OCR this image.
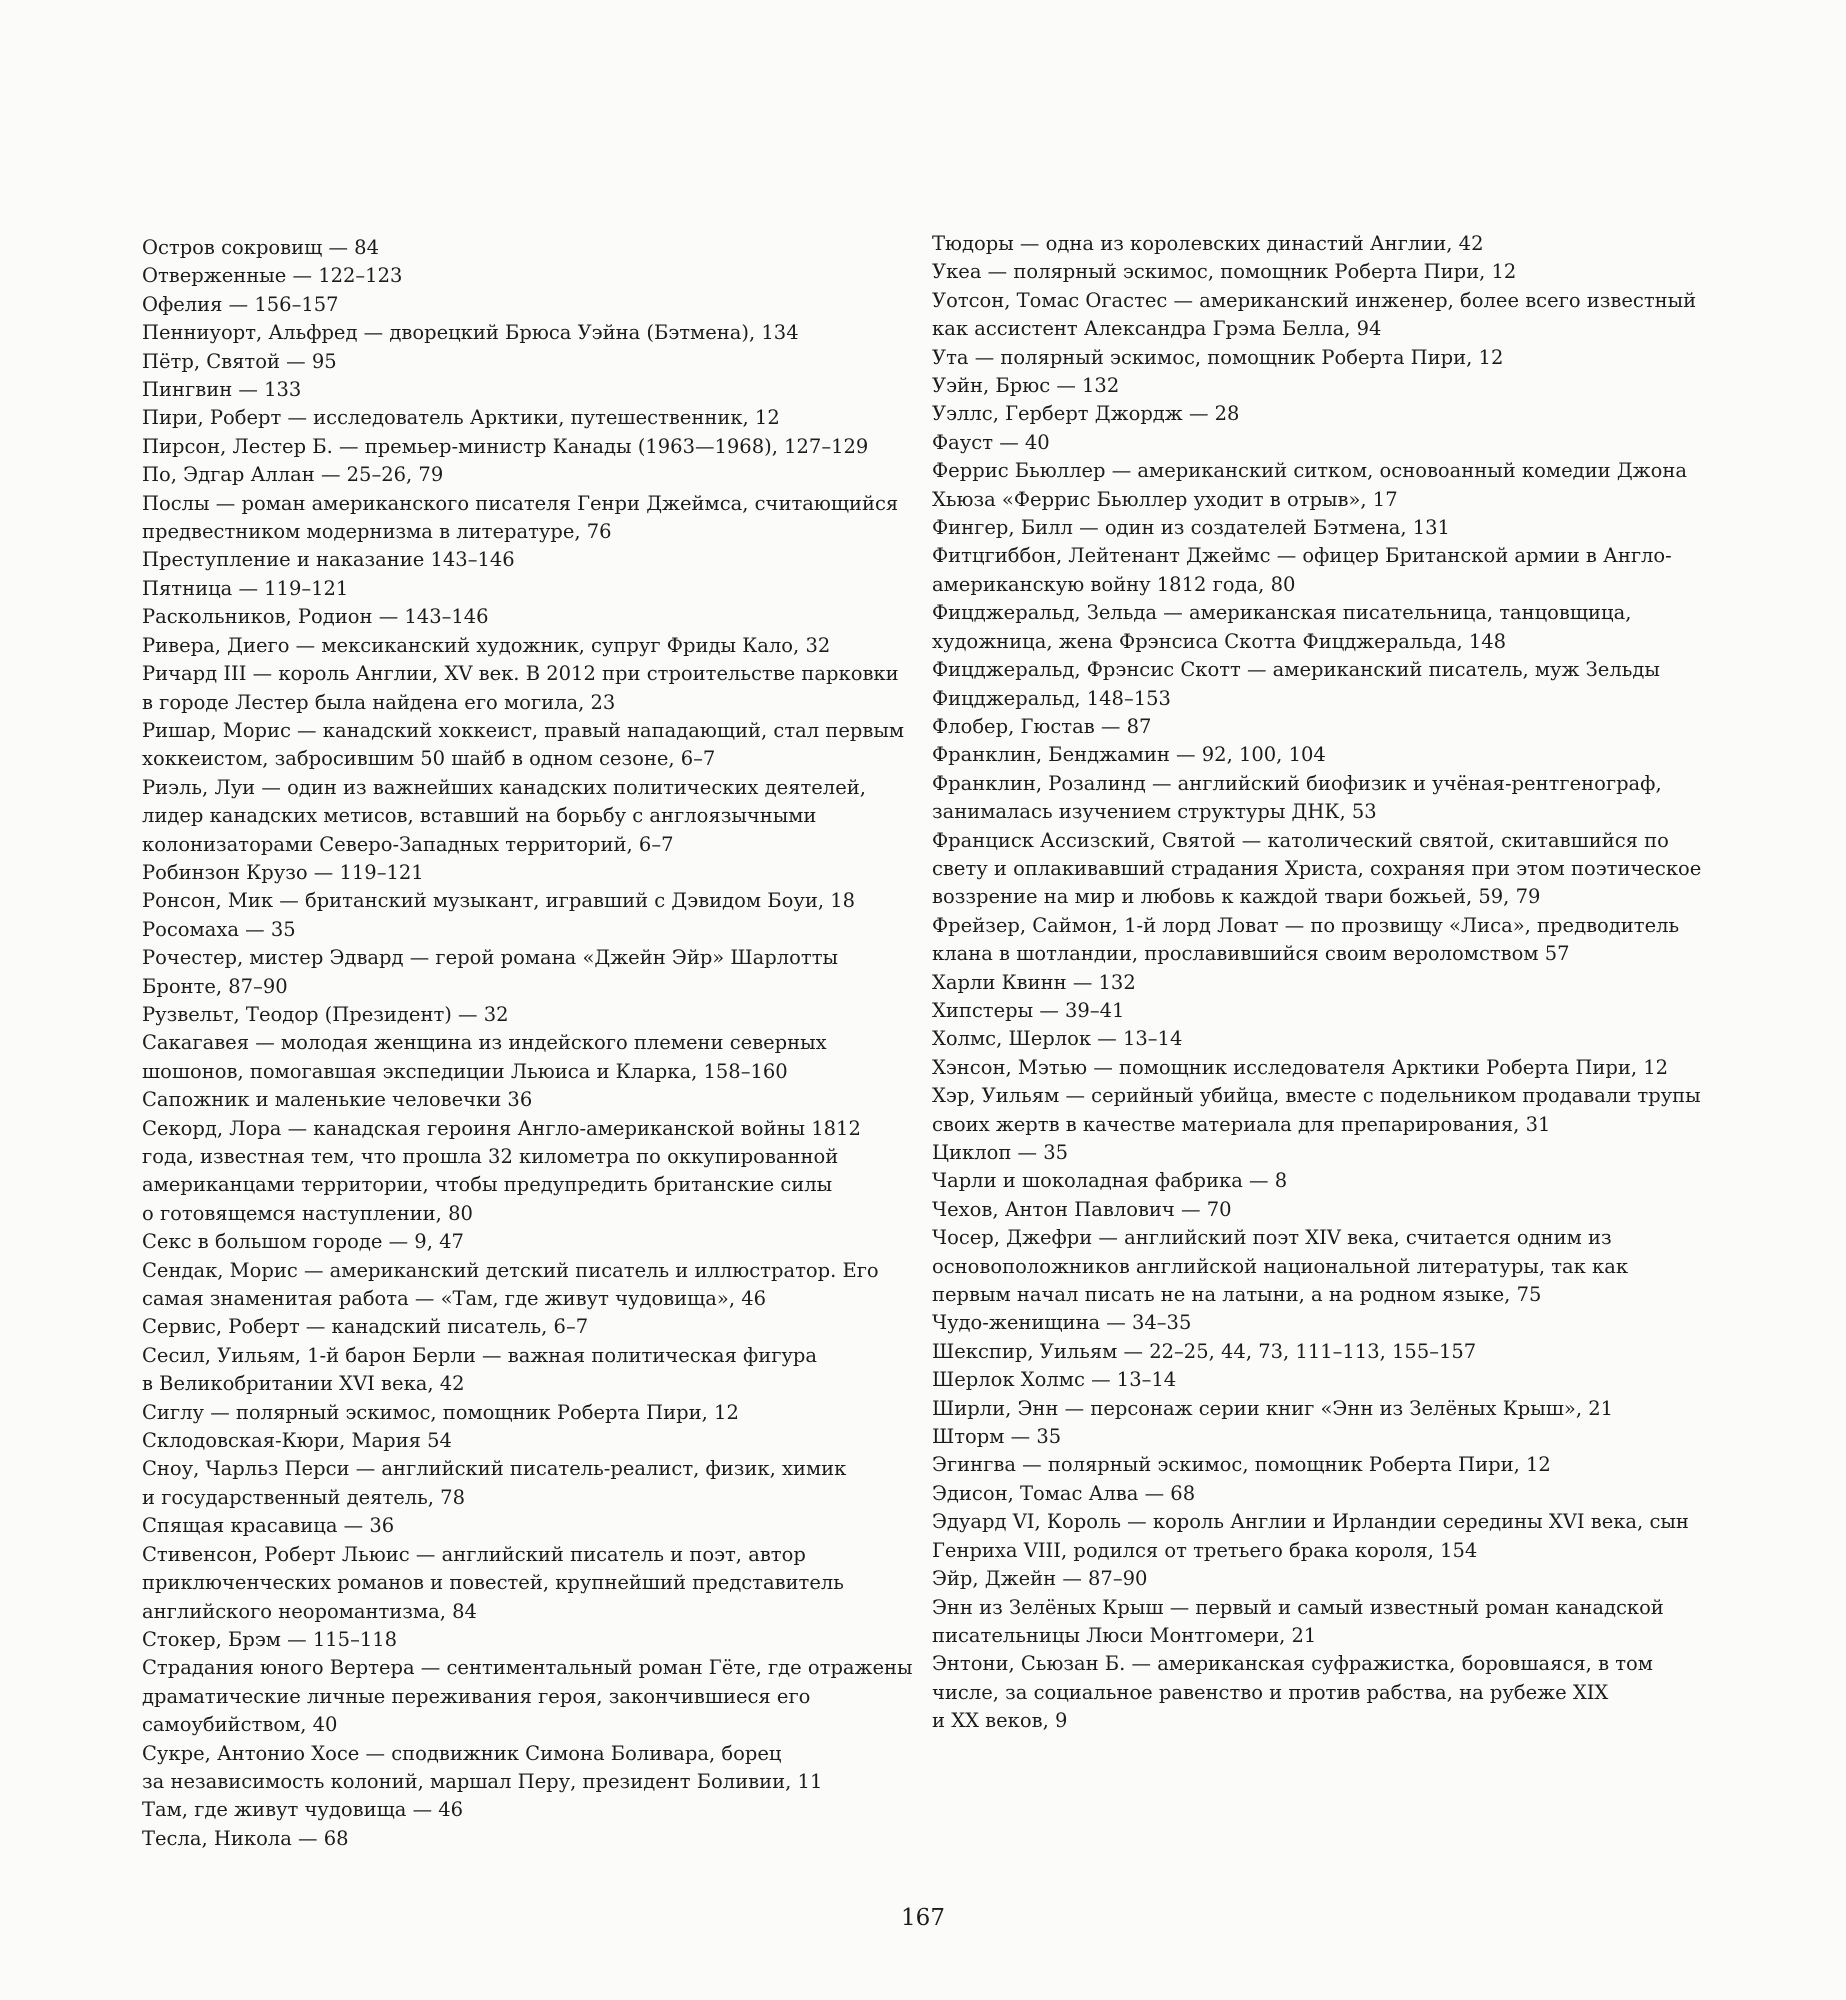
Остров сокровищ — 84

Отверженные — 122–123

Офелия — 156–157

Пенниуорт, Альфред — дворецкий Брюса Уэйна (Бэтмена), 134

Пётр, Святой — 95

Пингвин — 133

Пири, Роберт — исследователь Арктики, путешественник, 12

Пирсон, Лестер Б. — премьер-министр Канады (1963—1968), 127–129

По, Эдгар Аллан — 25–26, 79

Послы — роман американского писателя Генри Джеймса, считающийся
предвестником модернизма в литературе, 76

Преступление и наказание 143–146

Пятница — 119–121

Раскольников, Родион — 143–146

Ривера, Диего — мексиканский художник, супруг Фриды Кало, 32

Ричард III — король Англии, XV век. В 2012 при строительстве парковки
в городе Лестер была найдена его могила, 23

Ришар, Морис — канадский хоккеист, правый нападающий, стал первым
хоккеистом, забросившим 50 шайб в одном сезоне, 6–7

Риэль, Луи — один из важнейших канадских политических деятелей,
лидер канадских метисов, вставший на борьбу с англоязычными
колонизаторами Северо-Западных территорий, 6–7

Робинзон Крузо — 119–121

Ронсон, Мик — британский музыкант, игравший с Дэвидом Боуи, 18

Росомаха — 35

Рочестер, мистер Эдвард — герой романа «Джейн Эйр» Шарлотты
Бронте, 87–90

Рузвельт, Теодор (Президент) — 32

Сакагавея — молодая женщина из индейского племени северных
шошонов, помогавшая экспедиции Льюиса и Кларка, 158–160

Сапожник и маленькие человечки 36

Секорд, Лора — канадская героиня Англо-американской войны 1812
года, известная тем, что прошла 32 километра по оккупированной
американцами территории, чтобы предупредить британские силы
о готовящемся наступлении, 80

Секс в большом городе — 9, 47

Сендак, Морис — американский детский писатель и иллюстратор. Его
самая знаменитая работа — «Там, где живут чудовища», 46

Сервис, Роберт — канадский писатель, 6–7

Сесил, Уильям, 1-й барон Берли — важная политическая фигура
в Великобритании XVI века, 42

Сиглу — полярный эскимос, помощник Роберта Пири, 12

Склодовская-Кюри, Мария 54

Сноу, Чарльз Перси — английский писатель-реалист, физик, химик
и государственный деятель, 78

Спящая красавица — 36

Стивенсон, Роберт Льюис — английский писатель и поэт, автор
приключенческих романов и повестей, крупнейший представитель
английского неоромантизма, 84

Стокер, Брэм — 115–118

Страдания юного Вертера — сентиментальный роман Гёте, где отражены
драматические личные переживания героя, закончившиеся его
самоубийством, 40

Сукре, Антонио Хосе — сподвижник Симона Боливара, борец
за независимость колоний, маршал Перу, президент Боливии, 11

Там, где живут чудовища — 46

Тесла, Никола — 68

Тюдоры — одна из королевских династий Англии, 42

Укеа — полярный эскимос, помощник Роберта Пири, 12

Уотсон, Томас Огастес — американский инженер, более всего известный
как ассистент Александра Грэма Белла, 94

Ута — полярный эскимос, помощник Роберта Пири, 12

Уэйн, Брюс — 132

Уэллс, Герберт Джордж — 28

Фауст — 40

Феррис Бьюллер — американский ситком, основоанный комедии Джона
Хьюза «Феррис Бьюллер уходит в отрыв», 17

Фингер, Билл — один из создателей Бэтмена, 131

Фитцгиббон, Лейтенант Джеймс — офицер Британской армии в Англо-
американскую войну 1812 года, 80

Фицджеральд, Зельда — американская писательница, танцовщица,
художница, жена Фрэнсиса Скотта Фицджеральда, 148

Фицджеральд, Фрэнсис Скотт — американский писатель, муж Зельды
Фицджеральд, 148–153

Флобер, Гюстав — 87

Франклин, Бенджамин — 92, 100, 104

Франклин, Розалинд — английский биофизик и учёная-рентгенограф,
занималась изучением структуры ДНК, 53

Франциск Ассизский, Святой — католический святой, скитавшийся по
свету и оплакивавший страдания Христа, сохраняя при этом поэтическое
воззрение на мир и любовь к каждой твари божьей, 59, 79

Фрейзер, Саймон, 1-й лорд Ловат — по прозвищу «Лиса», предводитель
клана в шотландии, прославившийся своим вероломством 57

Харли Квинн — 132

Хипстеры — 39–41

Холмс, Шерлок — 13–14

Хэнсон, Мэтью — помощник исследователя Арктики Роберта Пири, 12

Хэр, Уильям — серийный убийца, вместе с подельником продавали трупы
своих жертв в качестве материала для препарирования, 31

Циклоп — 35

Чарли и шоколадная фабрика — 8

Чехов, Антон Павлович — 70

Чосер, Джефри — английский поэт XIV века, считается одним из
основоположников английской национальной литературы, так как
первым начал писать не на латыни, а на родном языке, 75

Чудо-женищина — 34–35

Шекспир, Уильям — 22–25, 44, 73, 111–113, 155–157

Шерлок Холмс — 13–14

Ширли, Энн — персонаж серии книг «Энн из Зелёных Крыш», 21

Шторм — 35

Эгингва — полярный эскимос, помощник Роберта Пири, 12

Эдисон, Томас Алва — 68

Эдуард VI, Король — король Англии и Ирландии середины XVI века, сын
Генриха VIII, родился от третьего брака короля, 154

Эйр, Джейн — 87–90

Энн из Зелёных Крыш — первый и самый известный роман канадской
писательницы Люси Монтгомери, 21

Энтони, Сьюзан Б. — американская суфражистка, боровшаяся, в том
числе, за социальное равенство и против рабства, на рубеже XIX
и XX веков, 9

167
